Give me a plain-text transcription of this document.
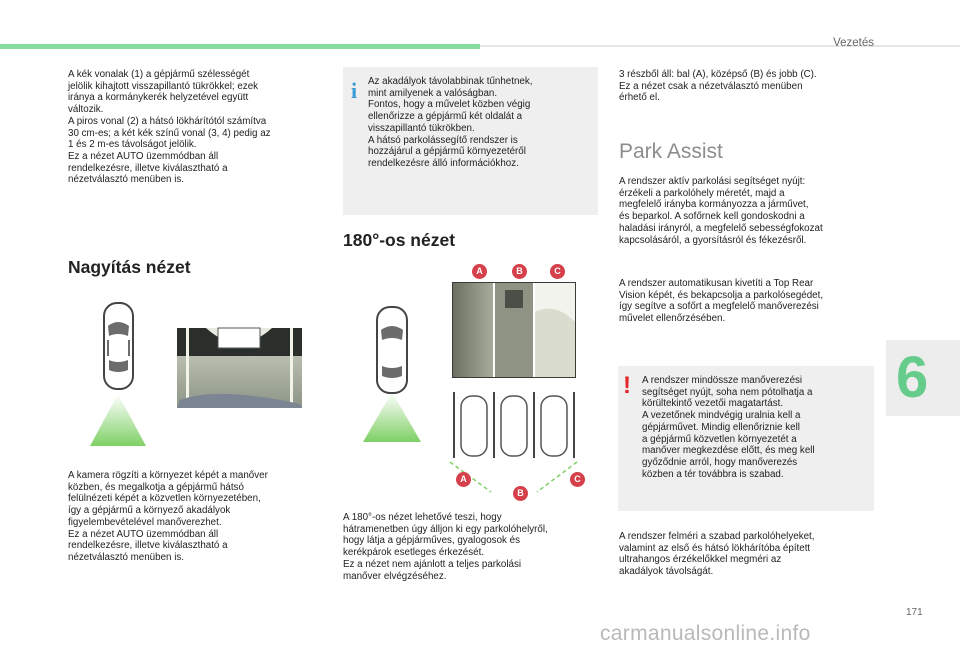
Vezetés
6

A kék vonalak (1) a gépjármű szélességét

jelölik kihajtott visszapillantó tükrökkel; ezek

iránya a kormánykerék helyzetével együtt

változik.

A piros vonal (2) a hátsó lökhárítótól számítva

30 cm-es; a két kék színű vonal (3, 4) pedig az

1 és 2 m-es távolságot jelölik.

Ez a nézet AUTO üzemmódban áll

rendelkezésre, illetve kiválasztható a

nézetválasztó menüben is.

Nagyítás nézet

A kamera rögzíti a környezet képét a manőver

közben, és megalkotja a gépjármű hátsó

felülnézeti képét a közvetlen környezetében,

így a gépjármű a környező akadályok

figyelembevételével manőverezhet.

Ez a nézet AUTO üzemmódban áll

rendelkezésre, illetve kiválasztható a

nézetválasztó menüben is.

i Az akadályok távolabbinak tűnhetnek,

mint amilyenek a valóságban.

Fontos, hogy a művelet közben végig

ellenőrizze a gépjármű két oldalát a

visszapillantó tükrökben.

A hátsó parkolássegítő rendszer is

hozzájárul a gépjármű környezetéről

rendelkezésre álló információkhoz.

180°-os nézet
A	B	C
A
B
C

A 180°-os nézet lehetővé teszi, hogy

hátramenetben úgy álljon ki egy parkolóhelyről,

hogy látja a gépjárműves, gyalogosok és

kerékpárok esetleges érkezését.

Ez a nézet nem ajánlott a teljes parkolási

manőver elvégzéséhez.

3 részből áll: bal (A), középső (B) és jobb (C).

Ez a nézet csak a nézetválasztó menüben

érhető el.

Park Assist

A rendszer aktív parkolási segítséget nyújt:

érzékeli a parkolóhely méretét, majd a

megfelelő irányba kormányozza a járművet,

és beparkol. A sofőrnek kell gondoskodni a

haladási irányról, a megfelelő sebességfokozat

kapcsolásáról, a gyorsításról és fékezésről.

A rendszer automatikusan kivetíti a Top Rear

Vision képét, és bekapcsolja a parkolósegédet,

így segítve a sofőrt a megfelelő manőverezési

művelet ellenőrzésében.

! A rendszer mindössze manőverezési

segítséget nyújt, soha nem pótolhatja a

körültekintő vezetői magatartást.

A vezetőnek mindvégig uralnia kell a

gépjárművet. Mindig ellenőriznie kell

a gépjármű közvetlen környezetét a

manőver megkezdése előtt, és meg kell

győződnie arról, hogy manőverezés

közben a tér továbbra is szabad.

A rendszer felméri a szabad parkolóhelyeket,

valamint az első és hátsó lökhárítóba épített

ultrahangos érzékelőkkel megméri az

akadályok távolságát.

171
carmanualsonline.info
